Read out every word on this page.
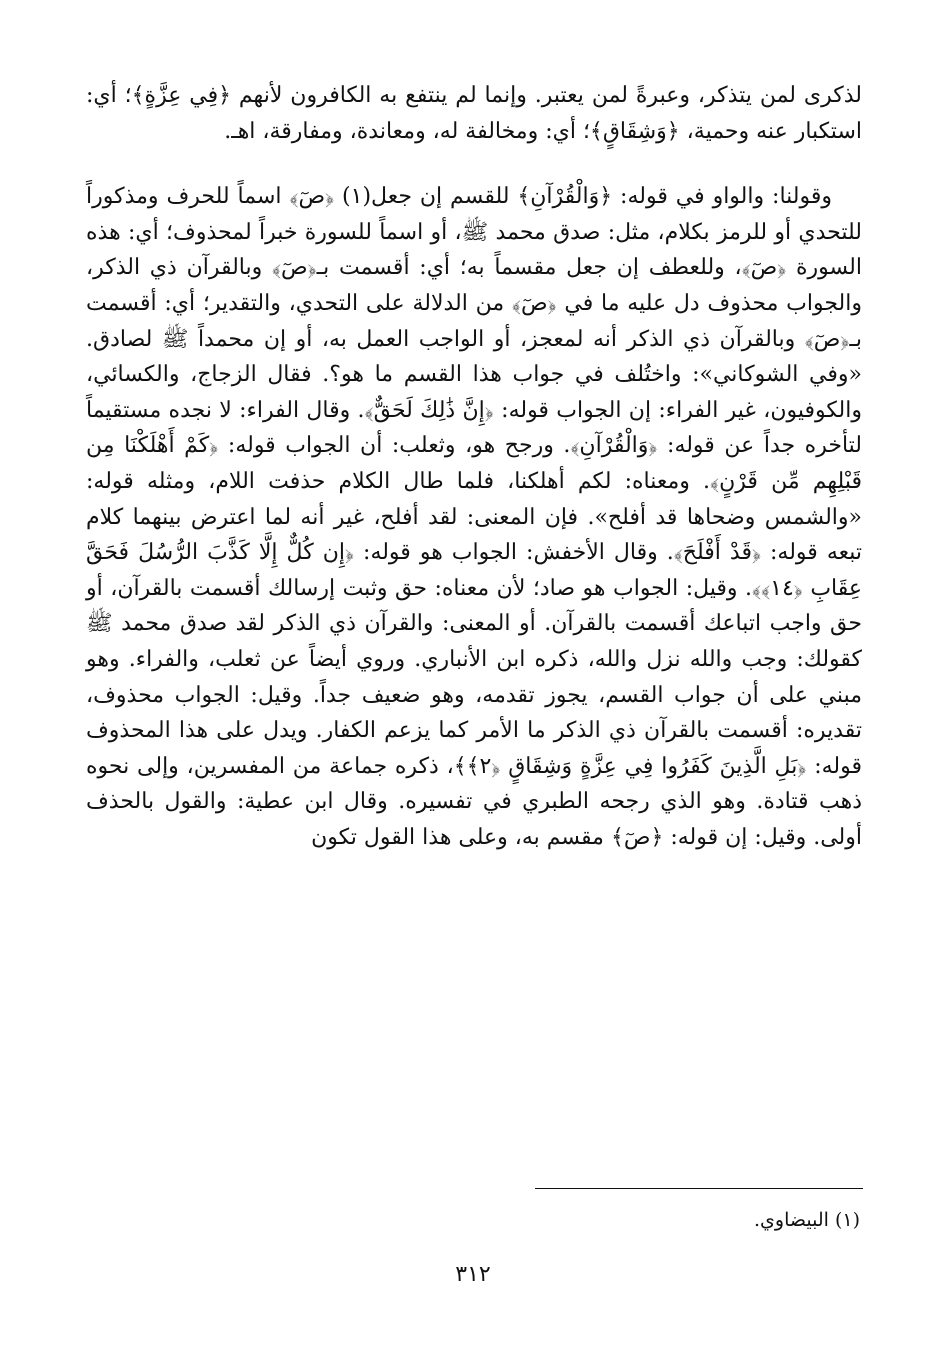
لذكرى لمن يتذكر، وعبرةً لمن يعتبر. وإنما لم ينتفع به الكافرون لأنهم ﴿فِي عِزَّةٍ﴾؛ أي: استكبار عنه وحمية، ﴿وَشِقَاقٍ﴾؛ أي: ومخالفة له، ومعاندة، ومفارقة، اهـ.

وقولنا: والواو في قوله: ﴿وَالْقُرْآنِ﴾ للقسم إن جعل(١) ﴿صٓ﴾ اسماً للحرف ومذكوراً للتحدي أو للرمز بكلام، مثل: صدق محمد ﷺ، أو اسماً للسورة خبراً لمحذوف؛ أي: هذه السورة ﴿صٓ﴾، وللعطف إن جعل مقسماً به؛ أي: أقسمت بـ﴿صٓ﴾ وبالقرآن ذي الذكر، والجواب محذوف دل عليه ما في ﴿صٓ﴾ من الدلالة على التحدي، والتقدير؛ أي: أقسمت بـ﴿صٓ﴾ وبالقرآن ذي الذكر أنه لمعجز، أو الواجب العمل به، أو إن محمداً ﷺ لصادق. «وفي الشوكاني»: واختُلف في جواب هذا القسم ما هو؟. فقال الزجاج، والكسائي، والكوفيون، غير الفراء: إن الجواب قوله: ﴿إِنَّ ذَٰلِكَ لَحَقٌّ﴾. وقال الفراء: لا نجده مستقيماً لتأخره جداً عن قوله: ﴿وَالْقُرْآنِ﴾. ورجح هو، وثعلب: أن الجواب قوله: ﴿كَمْ أَهْلَكْنَا مِن قَبْلِهِم مِّن قَرْنٍ﴾. ومعناه: لكم أهلكنا، فلما طال الكلام حذفت اللام، ومثله قوله: «والشمس وضحاها قد أفلح». فإن المعنى: لقد أفلح، غير أنه لما اعترض بينهما كلام تبعه قوله: ﴿قَدْ أَفْلَحَ﴾. وقال الأخفش: الجواب هو قوله: ﴿إِن كُلٌّ إِلَّا كَذَّبَ الرُّسُلَ فَحَقَّ عِقَابِ ﴿١٤﴾﴾. وقيل: الجواب هو صاد؛ لأن معناه: حق وثبت إرسالك أقسمت بالقرآن، أو حق واجب اتباعك أقسمت بالقرآن. أو المعنى: والقرآن ذي الذكر لقد صدق محمد ﷺ كقولك: وجب والله نزل والله، ذكره ابن الأنباري. وروي أيضاً عن ثعلب، والفراء. وهو مبني على أن جواب القسم، يجوز تقدمه، وهو ضعيف جداً. وقيل: الجواب محذوف، تقديره: أقسمت بالقرآن ذي الذكر ما الأمر كما يزعم الكفار. ويدل على هذا المحذوف قوله: ﴿بَلِ الَّذِينَ كَفَرُوا فِي عِزَّةٍ وَشِقَاقٍ ﴿٢﴾﴾، ذكره جماعة من المفسرين، وإلى نحوه ذهب قتادة. وهو الذي رجحه الطبري في تفسيره. وقال ابن عطية: والقول بالحذف أولى. وقيل: إن قوله: ﴿صٓ﴾ مقسم به، وعلى هذا القول تكون

(١) البيضاوي.
٣١٢
